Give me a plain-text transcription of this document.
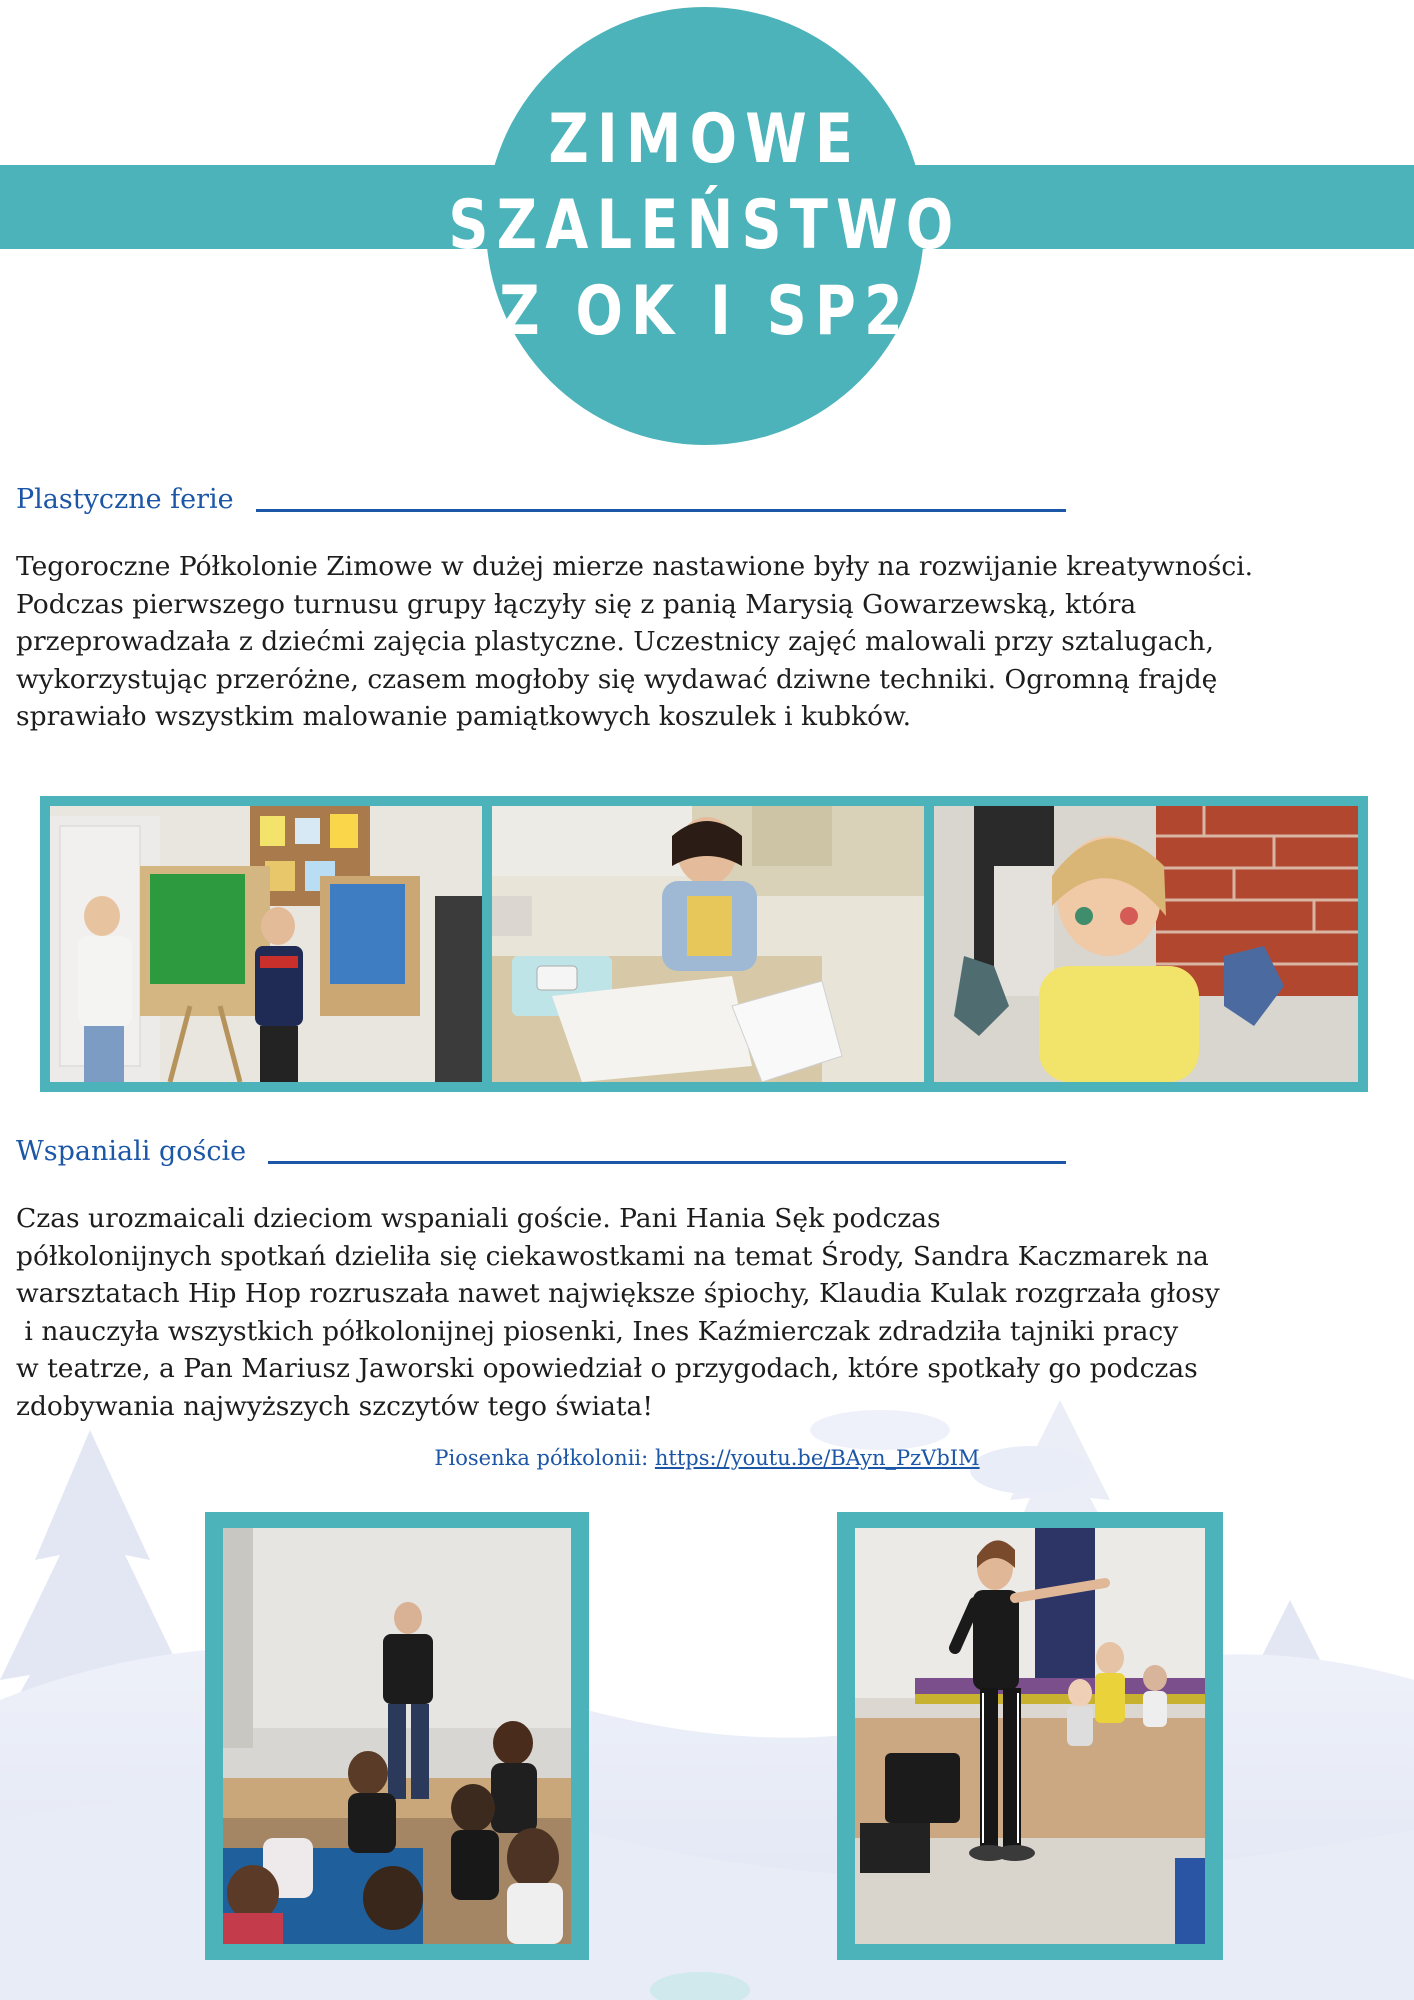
ZIMOWE
SZALEŃSTWO
Z OK I SP2
Plastyczne ferie
Tegoroczne Półkolonie Zimowe w dużej mierze nastawione były na rozwijanie kreatywności.
Podczas pierwszego turnusu grupy łączyły się z panią Marysią Gowarzewską, która
przeprowadzała z dziećmi zajęcia plastyczne. Uczestnicy zajęć malowali przy sztalugach,
wykorzystując przeróżne, czasem mogłoby się wydawać dziwne techniki. Ogromną frajdę
sprawiało wszystkim malowanie pamiątkowych koszulek i kubków.
Wspaniali goście
Czas urozmaicali dzieciom wspaniali goście. Pani Hania Sęk podczas
półkolonijnych spotkań dzieliła się ciekawostkami na temat Środy, Sandra Kaczmarek na
warsztatach Hip Hop rozruszała nawet największe śpiochy, Klaudia Kulak rozgrzała głosy
i nauczyła wszystkich półkolonijnej piosenki, Ines Kaźmierczak zdradziła tajniki pracy
w teatrze, a Pan Mariusz Jaworski opowiedział o przygodach, które spotkały go podczas
zdobywania najwyższych szczytów tego świata!
Piosenka półkolonii: https://youtu.be/BAyn_PzVbIM
